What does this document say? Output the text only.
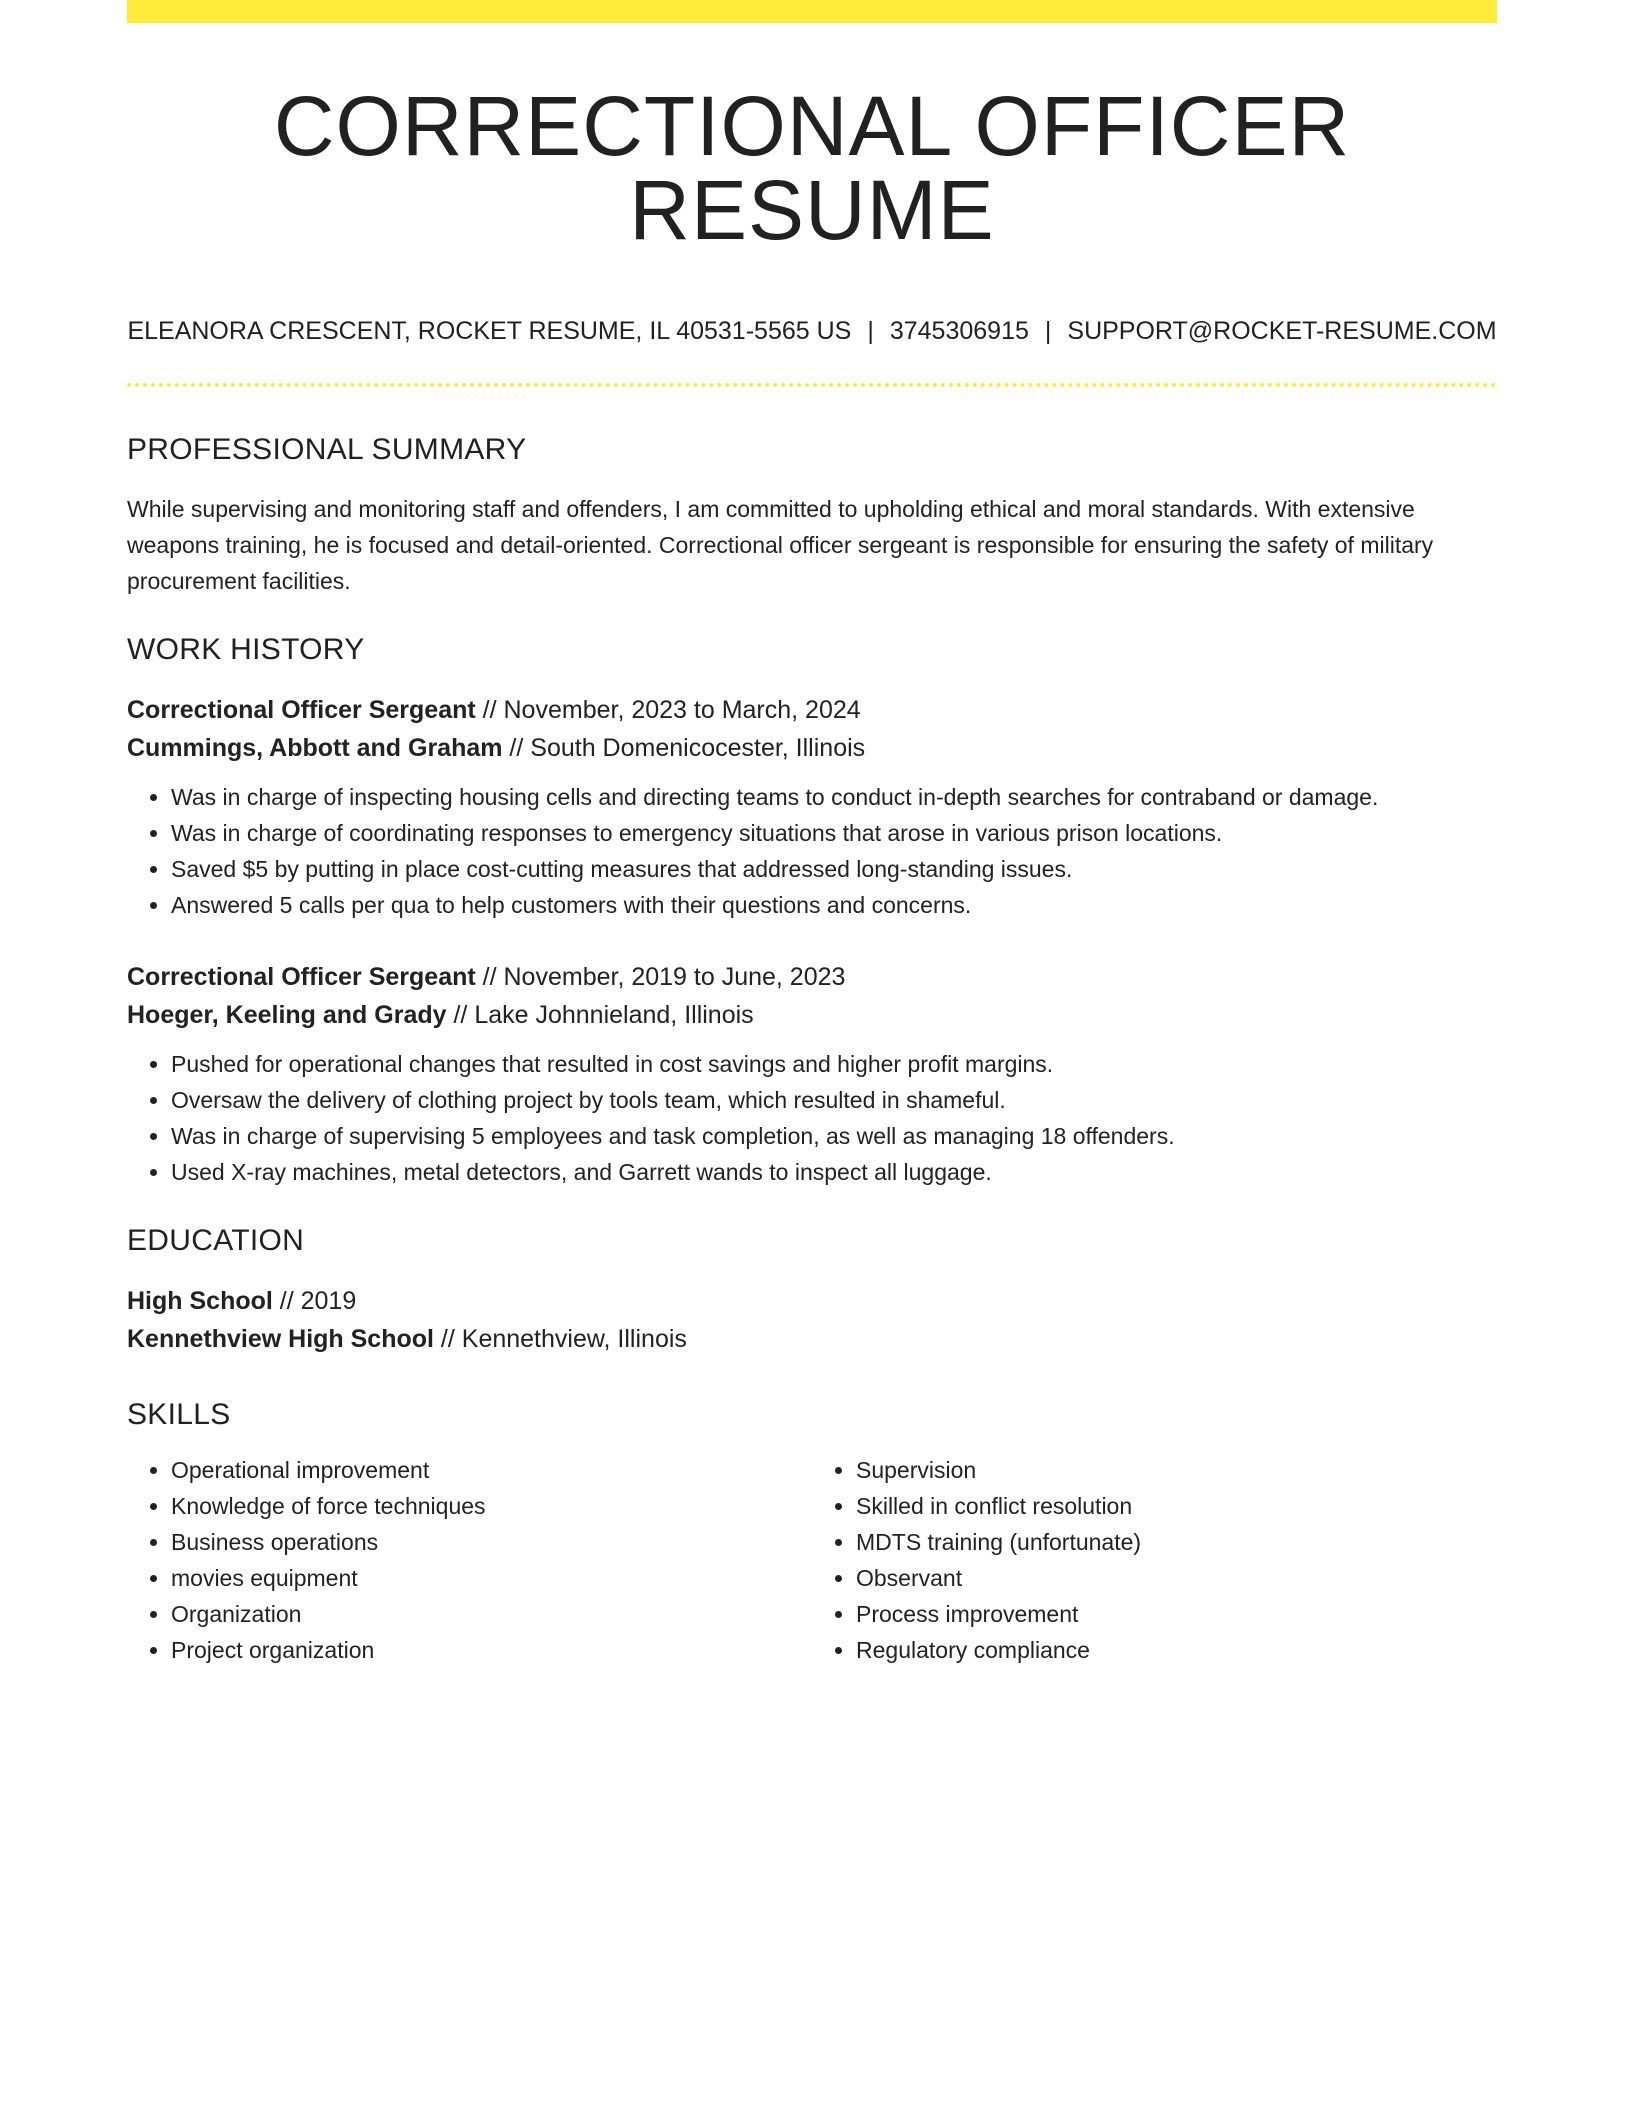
CORRECTIONAL OFFICER RESUME
ELEANORA CRESCENT, ROCKET RESUME, IL 40531-5565 US | 3745306915 | SUPPORT@ROCKET-RESUME.COM
PROFESSIONAL SUMMARY
While supervising and monitoring staff and offenders, I am committed to upholding ethical and moral standards. With extensive weapons training, he is focused and detail-oriented. Correctional officer sergeant is responsible for ensuring the safety of military procurement facilities.
WORK HISTORY
Correctional Officer Sergeant // November, 2023 to March, 2024
Cummings, Abbott and Graham // South Domenicocester, Illinois
• Was in charge of inspecting housing cells and directing teams to conduct in-depth searches for contraband or damage.
• Was in charge of coordinating responses to emergency situations that arose in various prison locations.
• Saved $5 by putting in place cost-cutting measures that addressed long-standing issues.
• Answered 5 calls per qua to help customers with their questions and concerns.
Correctional Officer Sergeant // November, 2019 to June, 2023
Hoeger, Keeling and Grady // Lake Johnnieland, Illinois
• Pushed for operational changes that resulted in cost savings and higher profit margins.
• Oversaw the delivery of clothing project by tools team, which resulted in shameful.
• Was in charge of supervising 5 employees and task completion, as well as managing 18 offenders.
• Used X-ray machines, metal detectors, and Garrett wands to inspect all luggage.
EDUCATION
High School // 2019
Kennethview High School // Kennethview, Illinois
SKILLS
• Operational improvement
• Knowledge of force techniques
• Business operations
• movies equipment
• Organization
• Project organization
• Supervision
• Skilled in conflict resolution
• MDTS training (unfortunate)
• Observant
• Process improvement
• Regulatory compliance
